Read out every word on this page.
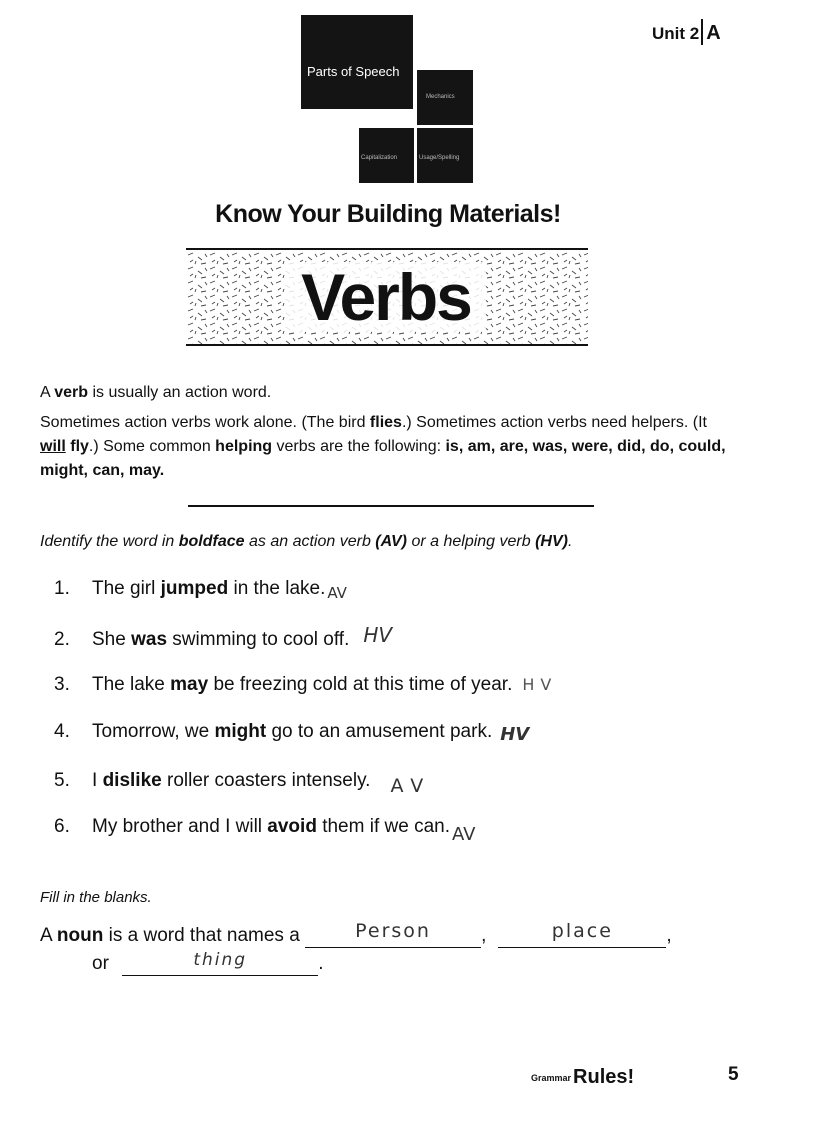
Unit 2 A
Parts of Speech
Mechanics
Capitalization	Usage/Spelling
Know Your Building Materials!
Verbs
A verb is usually an action word.
Sometimes action verbs work alone. (The bird flies.) Sometimes action verbs need helpers. (It will fly.) Some common helping verbs are the following: is, am, are, was, were, did, do, could, might, can, may.
Identify the word in boldface as an action verb (AV) or a helping verb (HV).
1. The girl jumped in the lake. $_{AV}$
2. She was swimming to cool off. HV
3. The lake may be freezing cold at this time of year. HV
4. Tomorrow, we might go to an amusement park. HV
5. I dislike roller coasters intensely. AV
6. My brother and I will avoid them if we can. AV
Fill in the blanks.
A noun is a word that names a	Person	,	place	,
or	thing	.
Grammar Rules!	5
